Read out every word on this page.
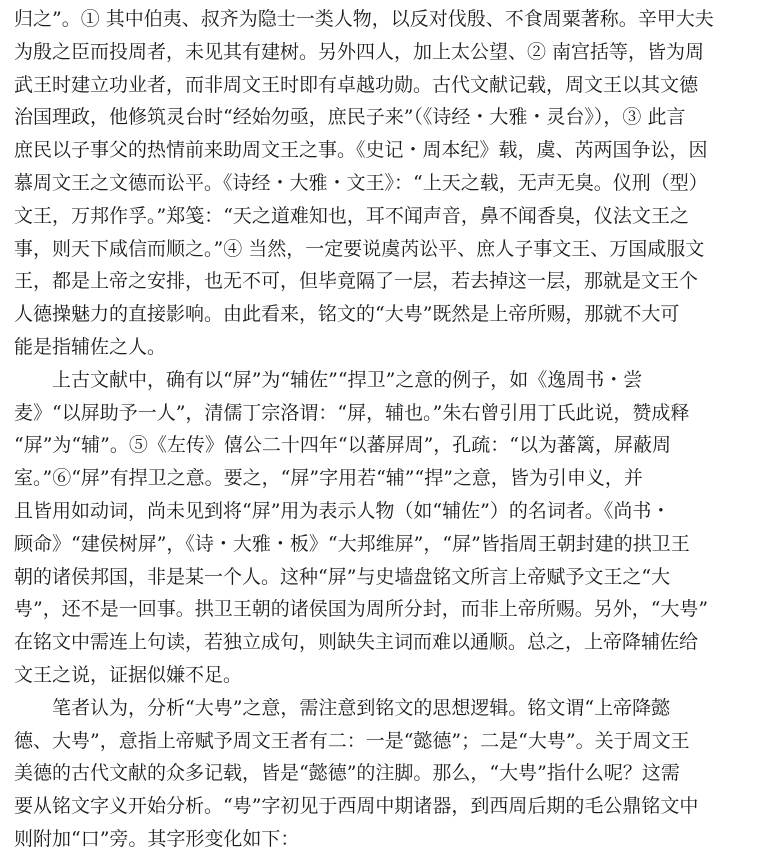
归之”。① 其中伯夷、叔齐为隐士一类人物，以反对伐殷、不食周粟著称。辛甲大夫
为殷之臣而投周者，未见其有建树。另外四人，加上太公望、② 南宫括等，皆为周
武王时建立功业者，而非周文王时即有卓越功勋。古代文献记载，周文王以其文德
治国理政，他修筑灵台时“经始勿亟，庶民子来”（《诗经・大雅・灵台》），③ 此言
庶民以子事父的热情前来助周文王之事。《史记・周本纪》载，虞、芮两国争讼，因
慕周文王之文德而讼平。《诗经・大雅・文王》：“上天之载，无声无臭。仪刑（型）
文王，万邦作孚。”郑笺：“天之道难知也，耳不闻声音，鼻不闻香臭，仪法文王之
事，则天下咸信而顺之。”④ 当然，一定要说虞芮讼平、庶人子事文王、万国咸服文
王，都是上帝之安排，也无不可，但毕竟隔了一层，若去掉这一层，那就是文王个
人德操魅力的直接影响。由此看来，铭文的“大甹”既然是上帝所赐，那就不大可
能是指辅佐之人。
上古文献中，确有以“屏”为“辅佐”“捍卫”之意的例子，如《逸周书・尝
麦》“以屏助予一人”，清儒丁宗洛谓：“屏，辅也。”朱右曾引用丁氏此说，赞成释
“屏”为“辅”。⑤《左传》僖公二十四年“以蕃屏周”，孔疏：“以为蕃篱，屏蔽周
室。”⑥“屏”有捍卫之意。要之，“屏”字用若“辅”“捍”之意，皆为引申义，并
且皆用如动词，尚未见到将“屏”用为表示人物（如“辅佐”）的名词者。《尚书・
顾命》“建侯树屏”，《诗・大雅・板》“大邦维屏”，“屏”皆指周王朝封建的拱卫王
朝的诸侯邦国，非是某一个人。这种“屏”与史墙盘铭文所言上帝赋予文王之“大
甹”，还不是一回事。拱卫王朝的诸侯国为周所分封，而非上帝所赐。另外，“大甹”
在铭文中需连上句读，若独立成句，则缺失主词而难以通顺。总之，上帝降辅佐给
文王之说，证据似嫌不足。
笔者认为，分析“大甹”之意，需注意到铭文的思想逻辑。铭文谓“上帝降懿
德、大甹”，意指上帝赋予周文王者有二：一是“懿德”；二是“大甹”。关于周文王
美德的古代文献的众多记载，皆是“懿德”的注脚。那么，“大甹”指什么呢？这需
要从铭文字义开始分析。“甹”字初见于西周中期诸器，到西周后期的毛公鼎铭文中
则附加“口”旁。其字形变化如下：
